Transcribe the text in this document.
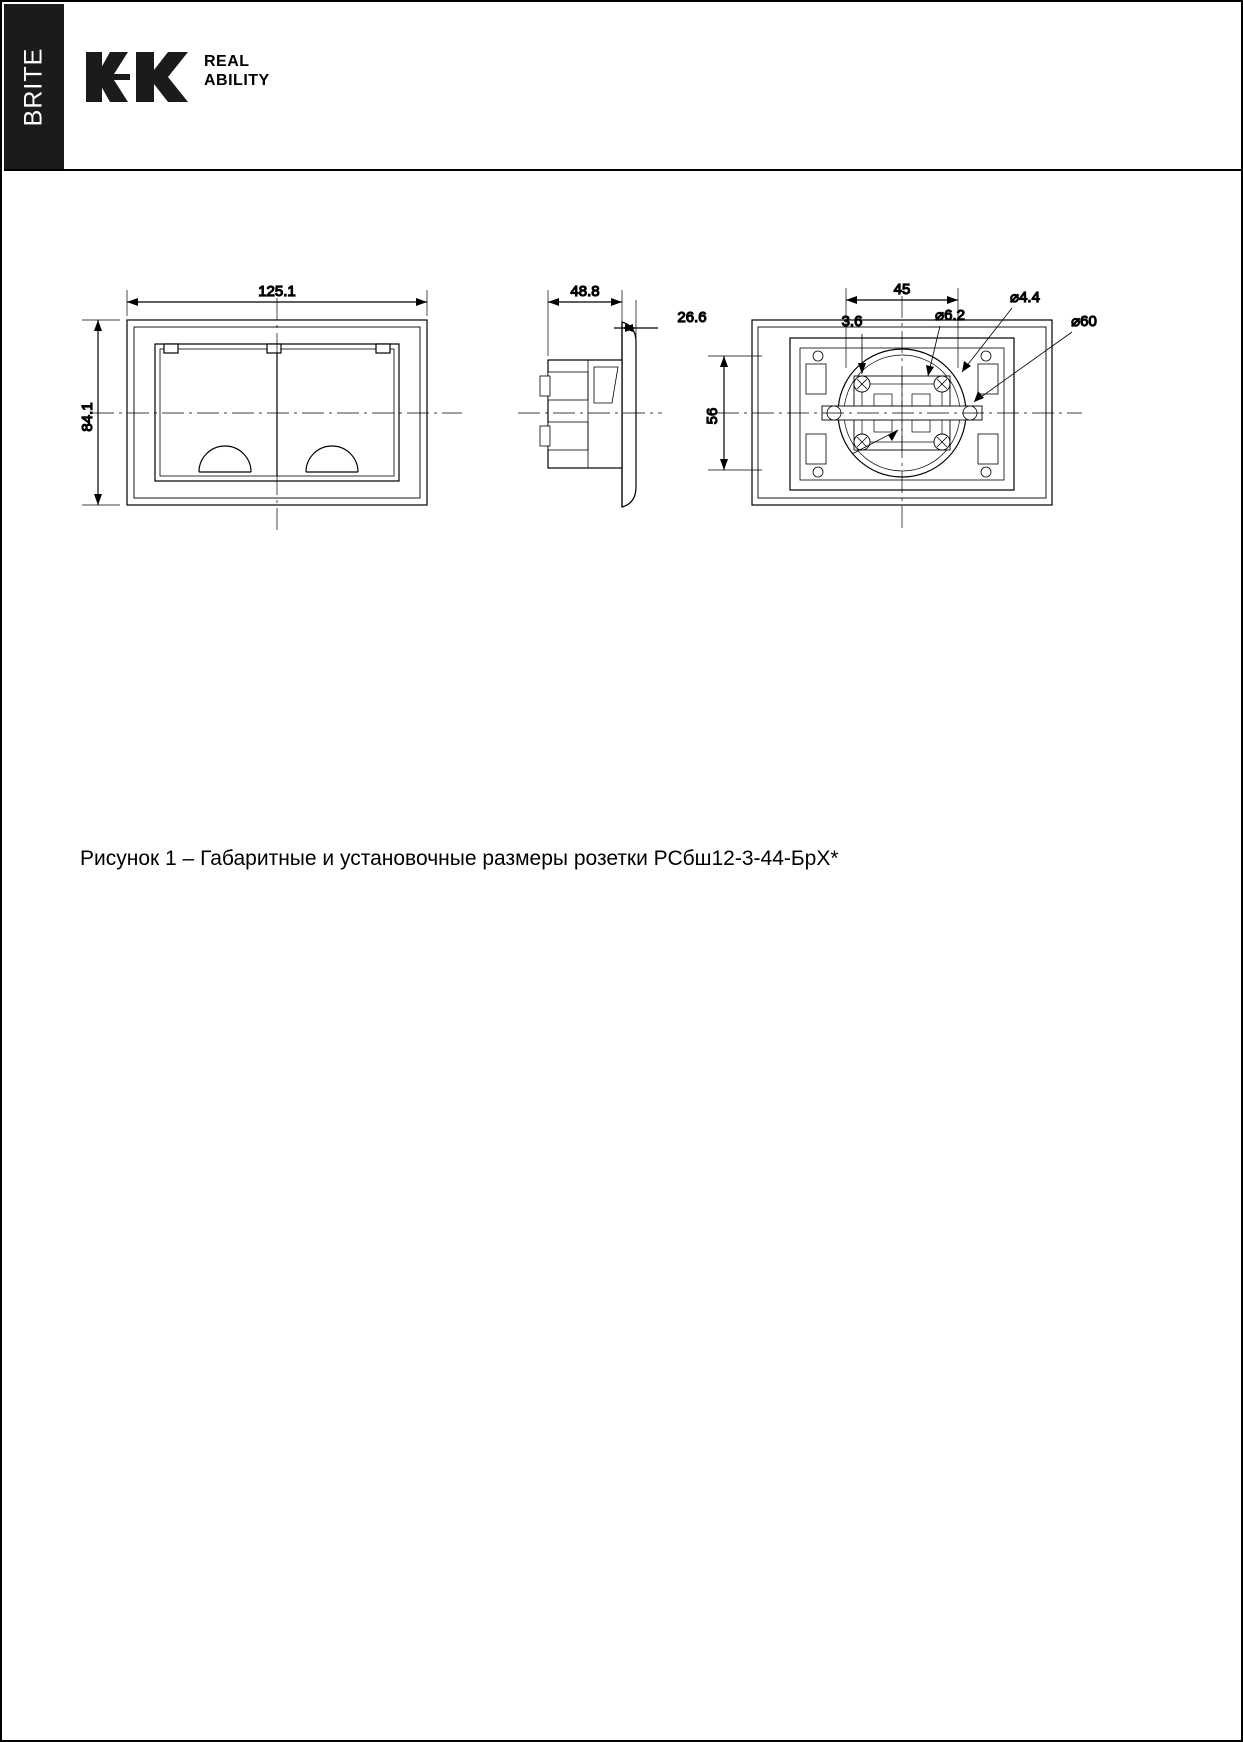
BRITE	REAL
ABILITY
125.1
84.1
48.8
26.6
45
56
3.6	⌀6.2
⌀4.4
⌀60
Рисунок 1 – Габаритные и установочные размеры розетки РСбш12-3-44-БрX*
